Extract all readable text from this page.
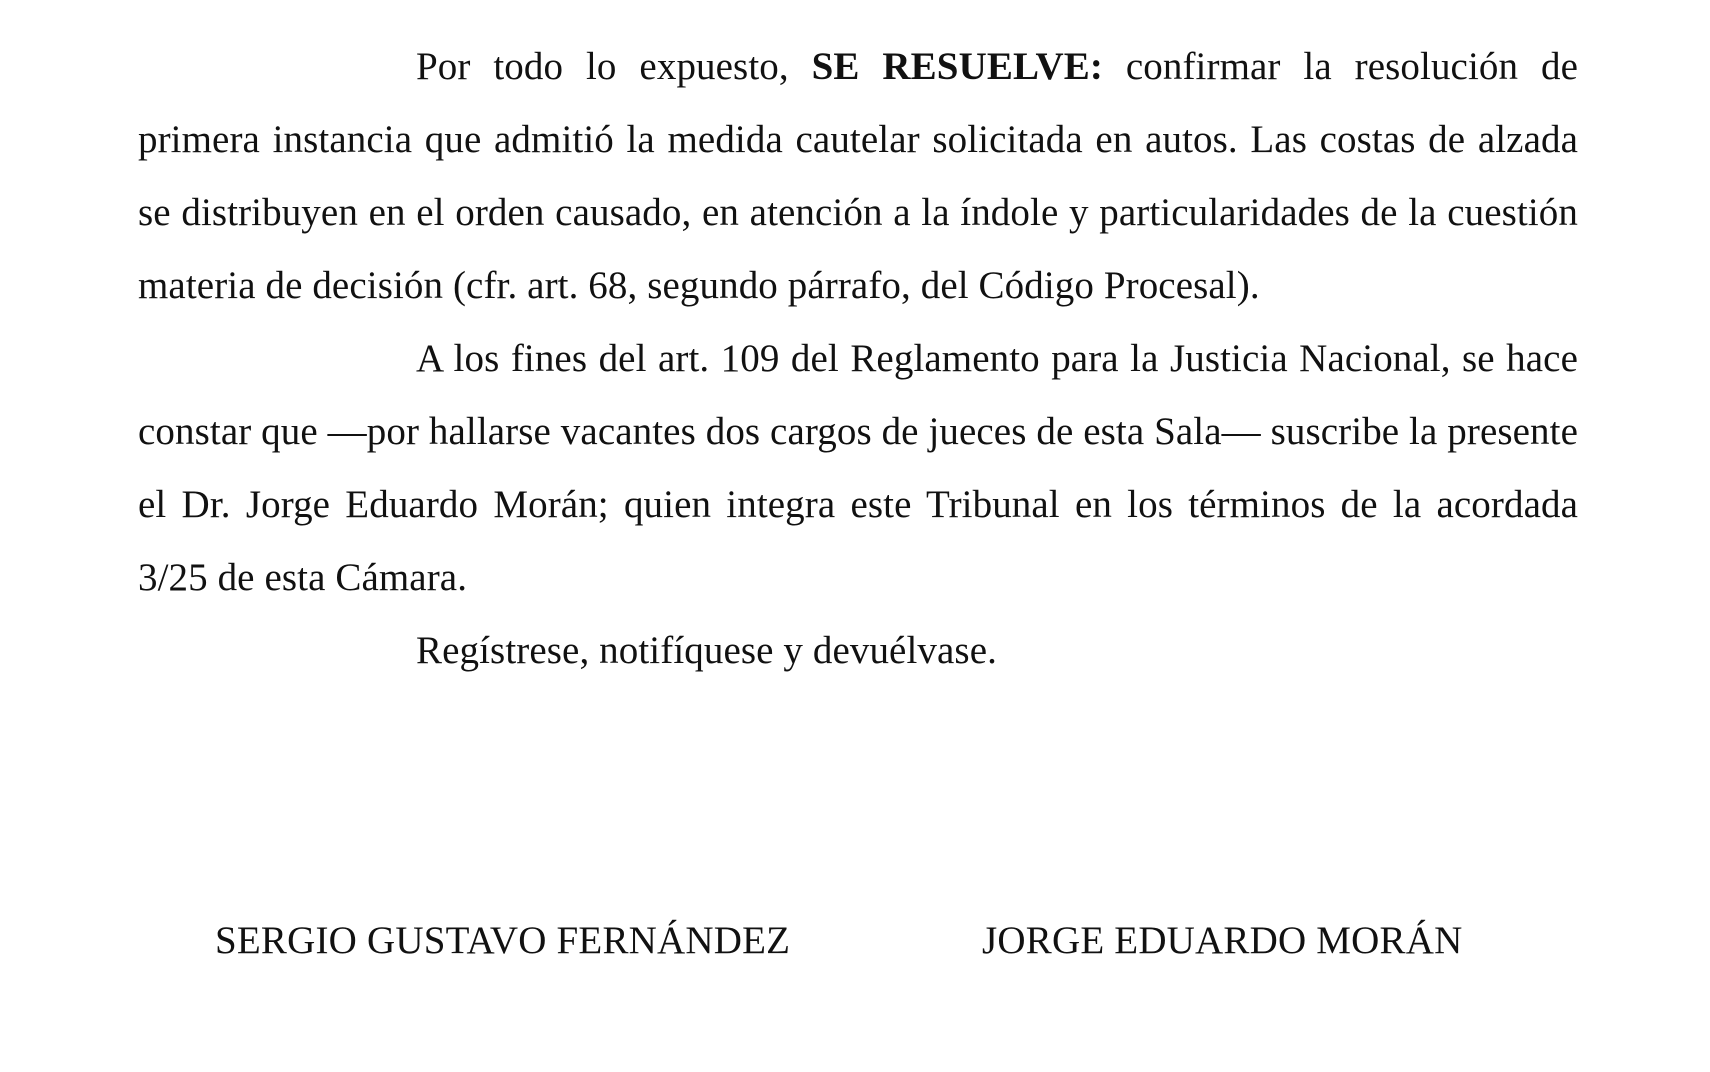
Por todo lo expuesto, SE RESUELVE: confirmar la resolución de primera instancia que admitió la medida cautelar solicitada en autos. Las costas de alzada se distribuyen en el orden causado, en atención a la índole y particularidades de la cuestión materia de decisión (cfr. art. 68, segundo párrafo, del Código Procesal).

A los fines del art. 109 del Reglamento para la Justicia Nacional, se hace constar que —por hallarse vacantes dos cargos de jueces de esta Sala— suscribe la presente el Dr. Jorge Eduardo Morán; quien integra este Tribunal en los términos de la acordada 3/25 de esta Cámara.

Regístrese, notifíquese y devuélvase.

SERGIO GUSTAVO FERNÁNDEZ	JORGE EDUARDO MORÁN
